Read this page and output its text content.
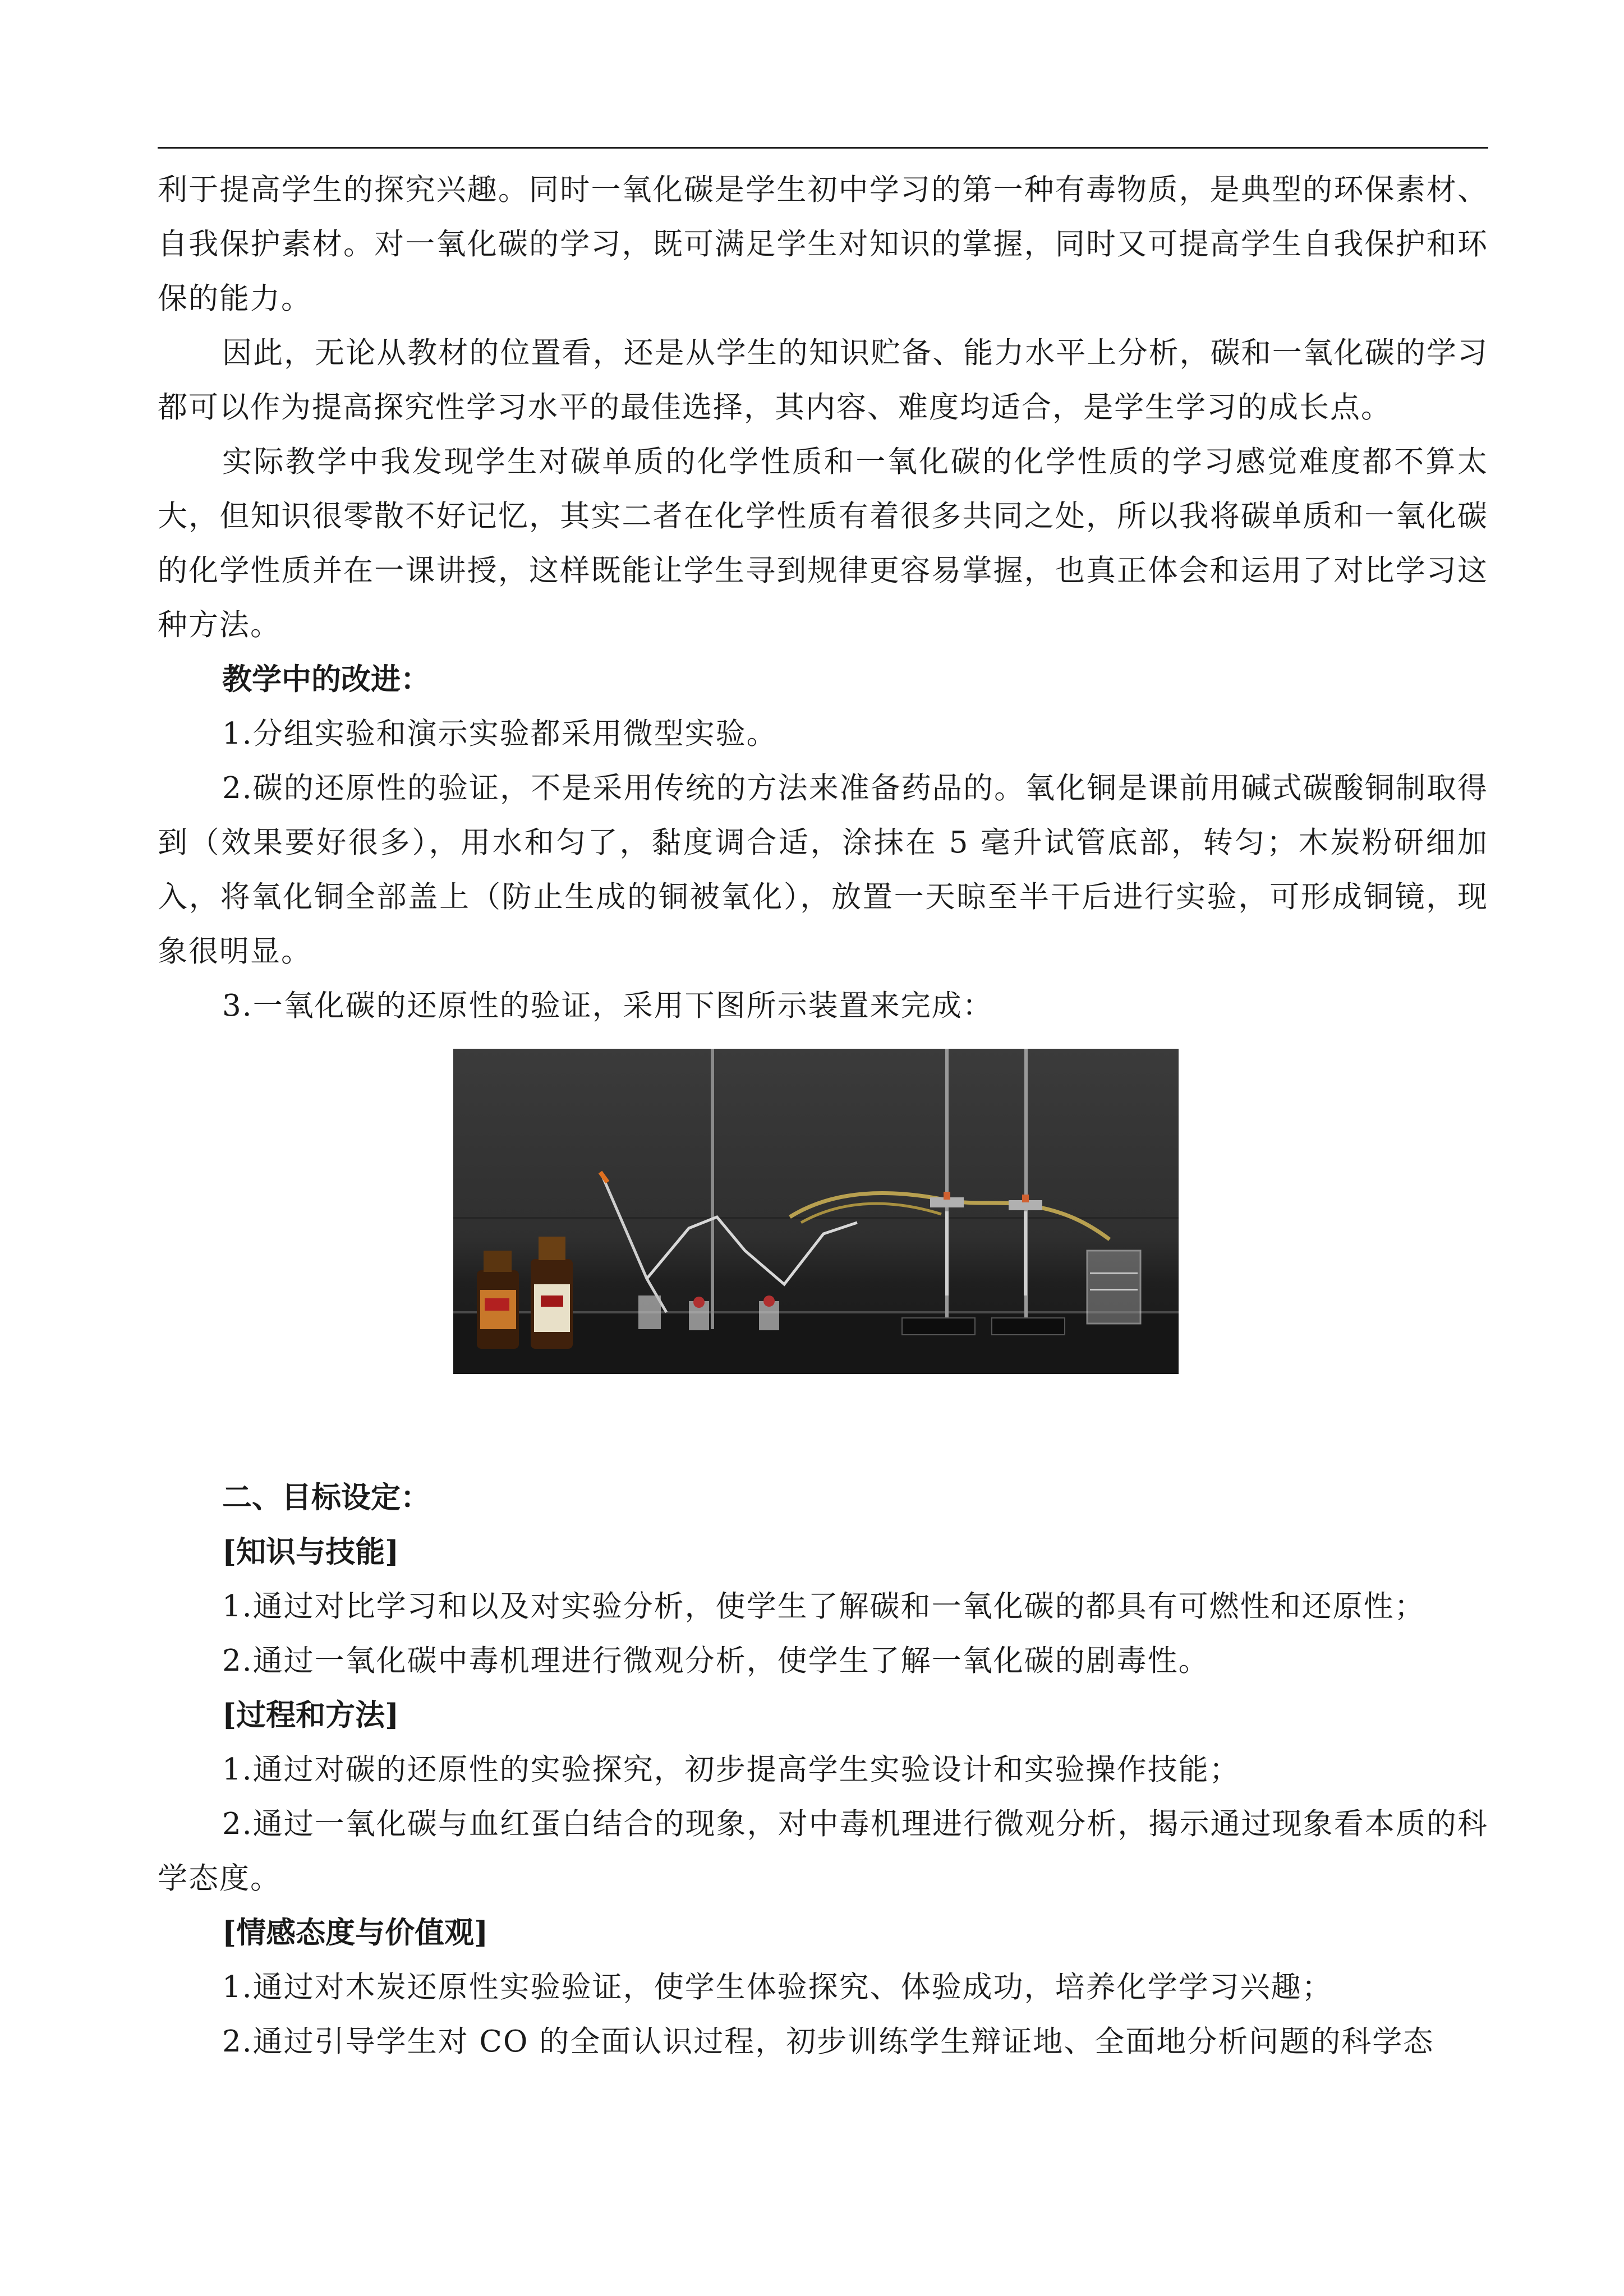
利于提高学生的探究兴趣。同时一氧化碳是学生初中学习的第一种有毒物质，是典型的环保素材、自我保护素材。对一氧化碳的学习，既可满足学生对知识的掌握，同时又可提高学生自我保护和环保的能力。

因此，无论从教材的位置看，还是从学生的知识贮备、能力水平上分析，碳和一氧化碳的学习都可以作为提高探究性学习水平的最佳选择，其内容、难度均适合，是学生学习的成长点。

实际教学中我发现学生对碳单质的化学性质和一氧化碳的化学性质的学习感觉难度都不算太大，但知识很零散不好记忆，其实二者在化学性质有着很多共同之处，所以我将碳单质和一氧化碳的化学性质并在一课讲授，这样既能让学生寻到规律更容易掌握，也真正体会和运用了对比学习这种方法。

教学中的改进：

1.分组实验和演示实验都采用微型实验。

2.碳的还原性的验证，不是采用传统的方法来准备药品的。氧化铜是课前用碱式碳酸铜制取得到（效果要好很多），用水和匀了，黏度调合适，涂抹在 5 毫升试管底部，转匀；木炭粉研细加入，将氧化铜全部盖上（防止生成的铜被氧化），放置一天晾至半干后进行实验，可形成铜镜，现象很明显。

3.一氧化碳的还原性的验证，采用下图所示装置来完成：

二、目标设定：

[知识与技能]

1.通过对比学习和以及对实验分析，使学生了解碳和一氧化碳的都具有可燃性和还原性；

2.通过一氧化碳中毒机理进行微观分析，使学生了解一氧化碳的剧毒性。

[过程和方法]

1.通过对碳的还原性的实验探究，初步提高学生实验设计和实验操作技能；

2.通过一氧化碳与血红蛋白结合的现象，对中毒机理进行微观分析，揭示通过现象看本质的科学态度。

[情感态度与价值观]

1.通过对木炭还原性实验验证，使学生体验探究、体验成功，培养化学学习兴趣；

2.通过引导学生对 CO 的全面认识过程，初步训练学生辩证地、全面地分析问题的科学态
